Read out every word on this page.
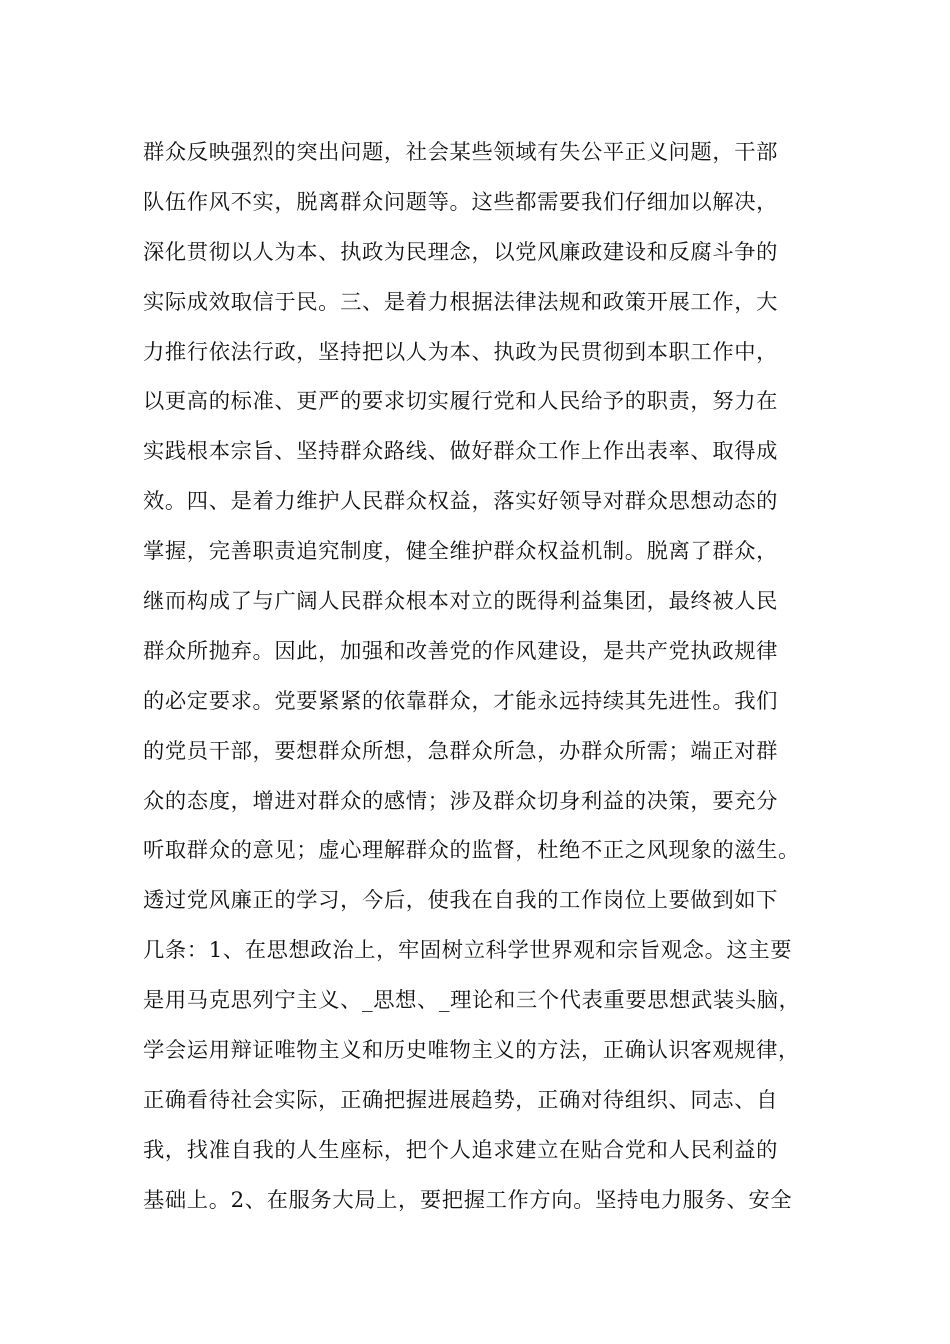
群众反映强烈的突出问题，社会某些领域有失公平正义问题，干部
队伍作风不实，脱离群众问题等。这些都需要我们仔细加以解决，
深化贯彻以人为本、执政为民理念，以党风廉政建设和反腐斗争的
实际成效取信于民。三、是着力根据法律法规和政策开展工作，大
力推行依法行政，坚持把以人为本、执政为民贯彻到本职工作中，
以更高的标准、更严的要求切实履行党和人民给予的职责，努力在
实践根本宗旨、坚持群众路线、做好群众工作上作出表率、取得成
效。四、是着力维护人民群众权益，落实好领导对群众思想动态的
掌握，完善职责追究制度，健全维护群众权益机制。脱离了群众，
继而构成了与广阔人民群众根本对立的既得利益集团，最终被人民
群众所抛弃。因此，加强和改善党的作风建设，是共产党执政规律
的必定要求。党要紧紧的依靠群众，才能永远持续其先进性。我们
的党员干部，要想群众所想，急群众所急，办群众所需；端正对群
众的态度，增进对群众的感情；涉及群众切身利益的决策，要充分
听取群众的意见；虚心理解群众的监督，杜绝不正之风现象的滋生。
透过党风廉正的学习，今后，使我在自我的工作岗位上要做到如下
几条：1、在思想政治上，牢固树立科学世界观和宗旨观念。这主要
是用马克思列宁主义、_思想、_理论和三个代表重要思想武装头脑，
学会运用辩证唯物主义和历史唯物主义的方法，正确认识客观规律，
正确看待社会实际，正确把握进展趋势，正确对待组织、同志、自
我，找准自我的人生座标，把个人追求建立在贴合党和人民利益的
基础上。2、在服务大局上，要把握工作方向。坚持电力服务、安全
